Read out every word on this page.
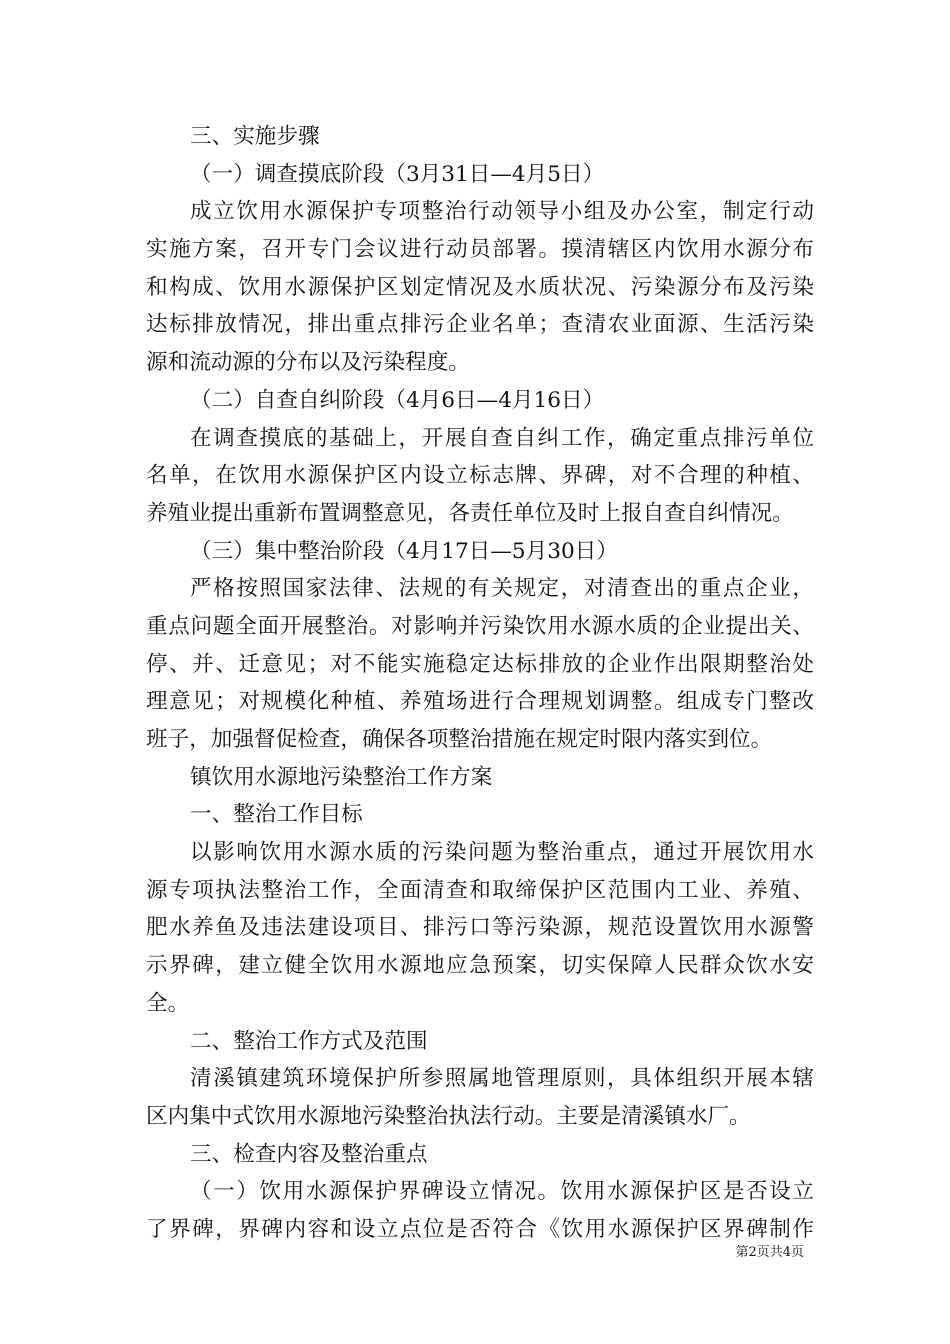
三、实施步骤
（一）调查摸底阶段（3月31日—4月5日）
成立饮用水源保护专项整治行动领导小组及办公室，制定行动
实施方案，召开专门会议进行动员部署。摸清辖区内饮用水源分布
和构成、饮用水源保护区划定情况及水质状况、污染源分布及污染
达标排放情况，排出重点排污企业名单；查清农业面源、生活污染
源和流动源的分布以及污染程度。
（二）自查自纠阶段（4月6日—4月16日）
在调查摸底的基础上，开展自查自纠工作，确定重点排污单位
名单，在饮用水源保护区内设立标志牌、界碑，对不合理的种植、
养殖业提出重新布置调整意见，各责任单位及时上报自查自纠情况。
（三）集中整治阶段（4月17日—5月30日）
严格按照国家法律、法规的有关规定，对清查出的重点企业，
重点问题全面开展整治。对影响并污染饮用水源水质的企业提出关、
停、并、迁意见；对不能实施稳定达标排放的企业作出限期整治处
理意见；对规模化种植、养殖场进行合理规划调整。组成专门整改
班子，加强督促检查，确保各项整治措施在规定时限内落实到位。
镇饮用水源地污染整治工作方案
一、整治工作目标
以影响饮用水源水质的污染问题为整治重点，通过开展饮用水
源专项执法整治工作，全面清查和取缔保护区范围内工业、养殖、
肥水养鱼及违法建设项目、排污口等污染源，规范设置饮用水源警
示界碑，建立健全饮用水源地应急预案，切实保障人民群众饮水安
全。
二、整治工作方式及范围
清溪镇建筑环境保护所参照属地管理原则，具体组织开展本辖
区内集中式饮用水源地污染整治执法行动。主要是清溪镇水厂。
三、检查内容及整治重点
（一）饮用水源保护界碑设立情况。饮用水源保护区是否设立
了界碑，界碑内容和设立点位是否符合《饮用水源保护区界碑制作
第2页共4页
